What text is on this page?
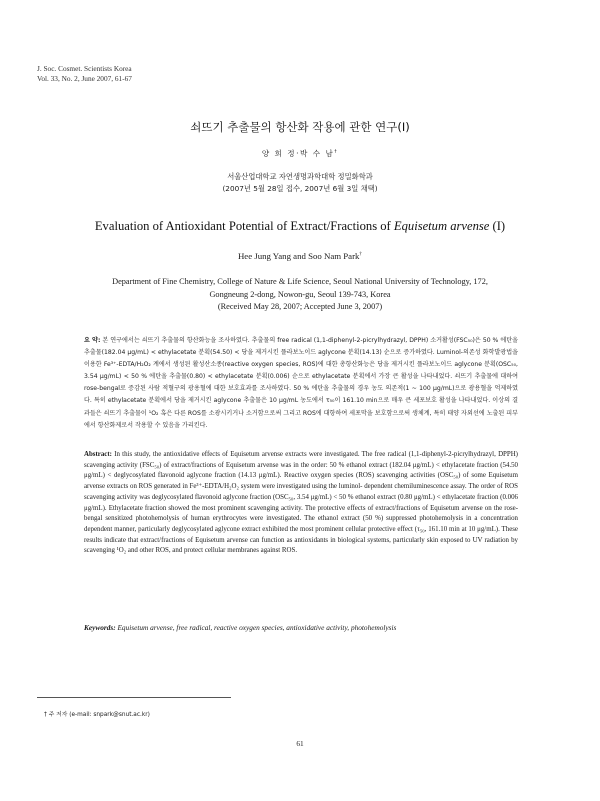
J. Soc. Cosmet. Scientists Korea
Vol. 33, No. 2, June 2007, 61-67
쇠뜨기 추출물의 항산화 작용에 관한 연구(I)
양 희 정·박 수 남†
서울산업대학교 자연생명과학대학 정밀화학과
(2007년 5월 28일 접수, 2007년 6월 3일 채택)
Evaluation of Antioxidant Potential of Extract/Fractions of Equisetum arvense (I)
Hee Jung Yang and Soo Nam Park†
Department of Fine Chemistry, College of Nature & Life Science, Seoul National University of Technology, 172,
Gongneung 2-dong, Nowon-gu, Seoul 139-743, Korea
(Received May 28, 2007; Accepted June 3, 2007)
요 약: 본 연구에서는 쇠뜨기 추출물의 항산화능을 조사하였다. 추출물의 free radical (1,1-diphenyl-2-picrylhydrazyl, DPPH) 소거활성(FSC₅₀)은 50 % 에탄올 추출물(182.04 μg/mL) < ethylacetate 분획(54.50) < 당을 제거시킨 플라보노이드 aglycone 분획(14.13) 순으로 증가하였다. Luminol-의존성 화학발광법을 이용한 Fe³⁺-EDTA/H₂O₂ 계에서 생성된 활성산소종(reactive oxygen species, ROS)에 대한 총항산화능은 당을 제거시킨 플라보노이드 aglycone 분획(OSC₅₀, 3.54 μg/mL) < 50 % 에탄올 추출물(0.80) < ethylacetate 분획(0.006) 순으로 ethylacetate 분획에서 가장 큰 활성을 나타내었다. 쇠뜨기 추출물에 대하여 rose-bengal로 증감된 사람 적혈구의 광용혈에 대한 보호효과를 조사하였다. 50 % 에탄올 추출물의 경우 농도 의존적(1 ~ 100 μg/mL)으로 광용혈을 억제하였다. 특히 ethylacetate 분획에서 당을 제거시킨 aglycone 추출물은 10 μg/mL 농도에서 τ₅₀이 161.10 min으로 매우 큰 세포보호 활성을 나타내었다. 이상의 결과들은 쇠뜨기 추출물이 ¹O₂ 혹은 다른 ROS를 소광시키거나 소거함으로써 그리고 ROS에 대항하여 세포막을 보호함으로써 생체계, 특히 태양 자외선에 노출된 피부에서 항산화제로서 작용할 수 있음을 가리킨다.
Abstract: In this study, the antioxidative effects of Equisetum arvense extracts were investigated. The free radical (1,1-diphenyl-2-picrylhydrazyl, DPPH) scavenging activity (FSC₅₀) of extract/fractions of Equisetum arvense was in the order: 50 % ethanol extract (182.04 μg/mL) < ethylacetate fraction (54.50 μg/mL) < deglycosylated flavonoid aglycone fraction (14.13 μg/mL). Reactive oxygen species (ROS) scavenging activities (OSC₅₀) of some Equisetum arvense extracts on ROS generated in Fe³⁺-EDTA/H₂O₂ system were investigated using the luminol- dependent chemiluminescence assay. The order of ROS scavenging activity was deglycosylated flavonoid aglycone fraction (OSC₅₀, 3.54 μg/mL) < 50 % ethanol extract (0.80 μg/mL) < ethylacetate fraction (0.006 μg/mL). Ethylacetate fraction showed the most prominent scavenging activity. The protective effects of extract/fractions of Equisetum arvense on the rose-bengal sensitized photohemolysis of human erythrocytes were investigated. The ethanol extract (50 %) suppressed photohemolysis in a concentration dependent manner, particularly deglycosylated aglycone extract exhibited the most prominent cellular protective effect (τ₅₀, 161.10 min at 10 μg/mL). These results indicate that extract/fractions of Equisetum arvense can function as antioxidants in biological systems, particularly skin exposed to UV radiation by scavenging ¹O₂ and other ROS, and protect cellular membranes against ROS.
Keywords: Equisetum arvense, free radical, reactive oxygen species, antioxidative activity, photohemolysis
† 주 저자 (e-mail: snpark@snut.ac.kr)
61
